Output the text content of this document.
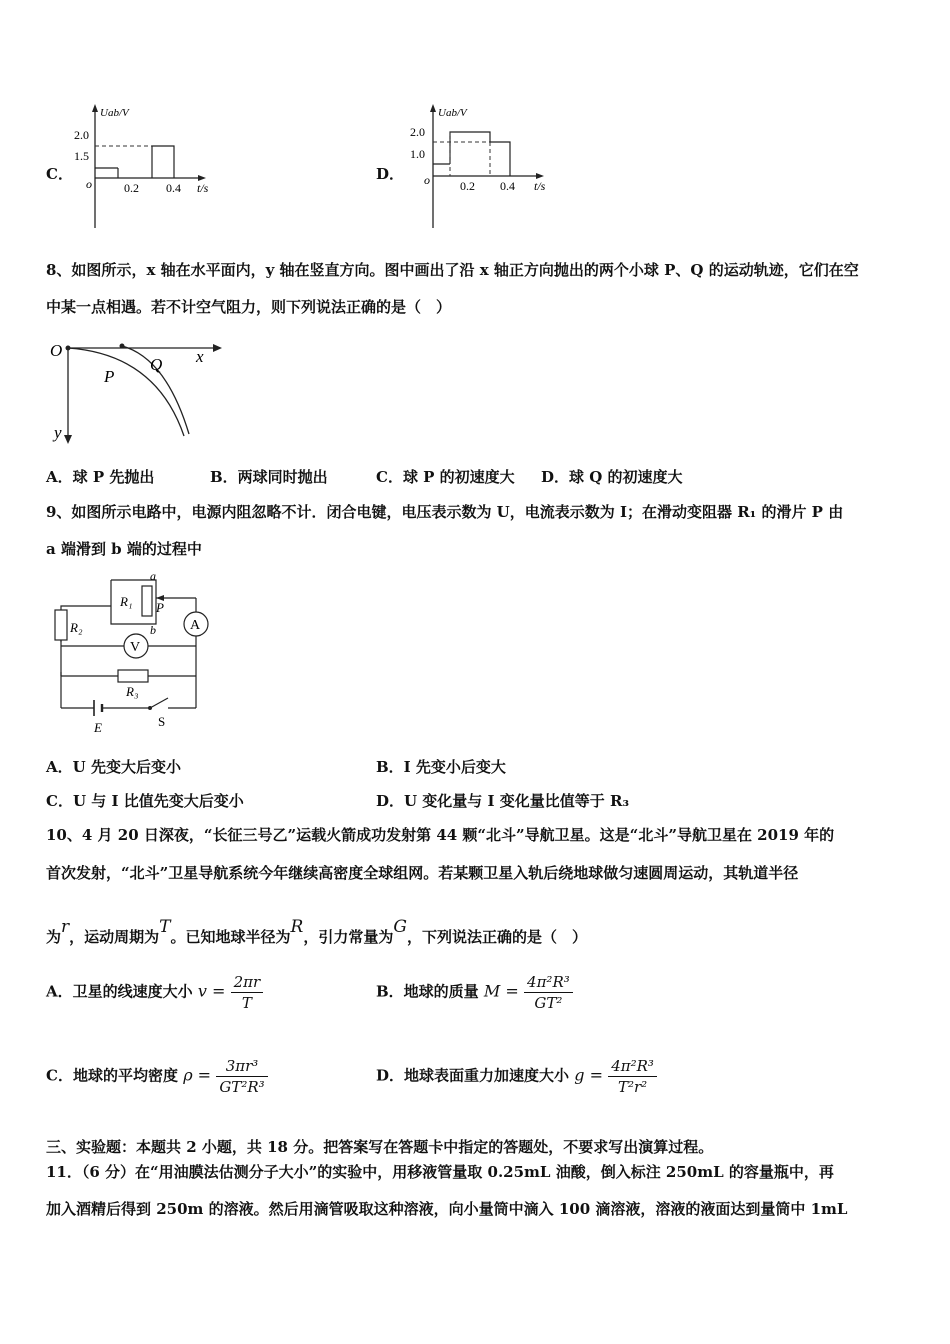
C．
Uab/V
2.0
1.5
o	0.2 0.4 t/s
D．
Uab/V
2.0
1.0
o	0.2 0.4 t/s
8、如图所示，x 轴在水平面内，y 轴在竖直方向。图中画出了沿 x 轴正方向抛出的两个小球 P、Q 的运动轨迹，它们在空
中某一点相遇。若不计空气阻力，则下列说法正确的是（　）
O	x
y
P
Q
A．球 P 先抛出	B．两球同时抛出	C．球 P 的初速度大 D．球 Q 的初速度大
9、如图所示电路中，电源内阻忽略不计．闭合电键，电压表示数为 U，电流表示数为 I；在滑动变阻器 R₁ 的滑片 P 由
a 端滑到 b 端的过程中
R₁
a
b
P
R₂	A
V
R₃
E	S
A．U 先变大后变小	B．I 先变小后变大
C．U 与 I 比值先变大后变小	D．U 变化量与 I 变化量比值等于 R₃
10、4 月 20 日深夜，“长征三号乙”运载火箭成功发射第 44 颗“北斗”导航卫星。这是“北斗”导航卫星在 2019 年的
首次发射，“北斗”卫星导航系统今年继续高密度全球组网。若某颗卫星入轨后绕地球做匀速圆周运动，其轨道半径
为r，运动周期为T。已知地球半径为R，引力常量为G，下列说法正确的是（　）
A．卫星的线速度大小 $v = \frac{2\pi r}{T}$	B．地球的质量 $M = \frac{\text{4π²R³}}{\text{GT²}}$
C．地球的平均密度 $\rho = \frac{\text{3πr³}}{\text{GT²R³}}$	D．地球表面重力加速度大小 $g = \frac{\text{4π²R³}}{\text{T²r²}}$
三、实验题：本题共 2 小题，共 18 分。把答案写在答题卡中指定的答题处，不要求写出演算过程。
11．（6 分）在“用油膜法估测分子大小”的实验中，用移液管量取 0.25mL 油酸，倒入标注 250mL 的容量瓶中，再
加入酒精后得到 250m 的溶液。然后用滴管吸取这种溶液，向小量筒中滴入 100 滴溶液，溶液的液面达到量筒中 1mL
